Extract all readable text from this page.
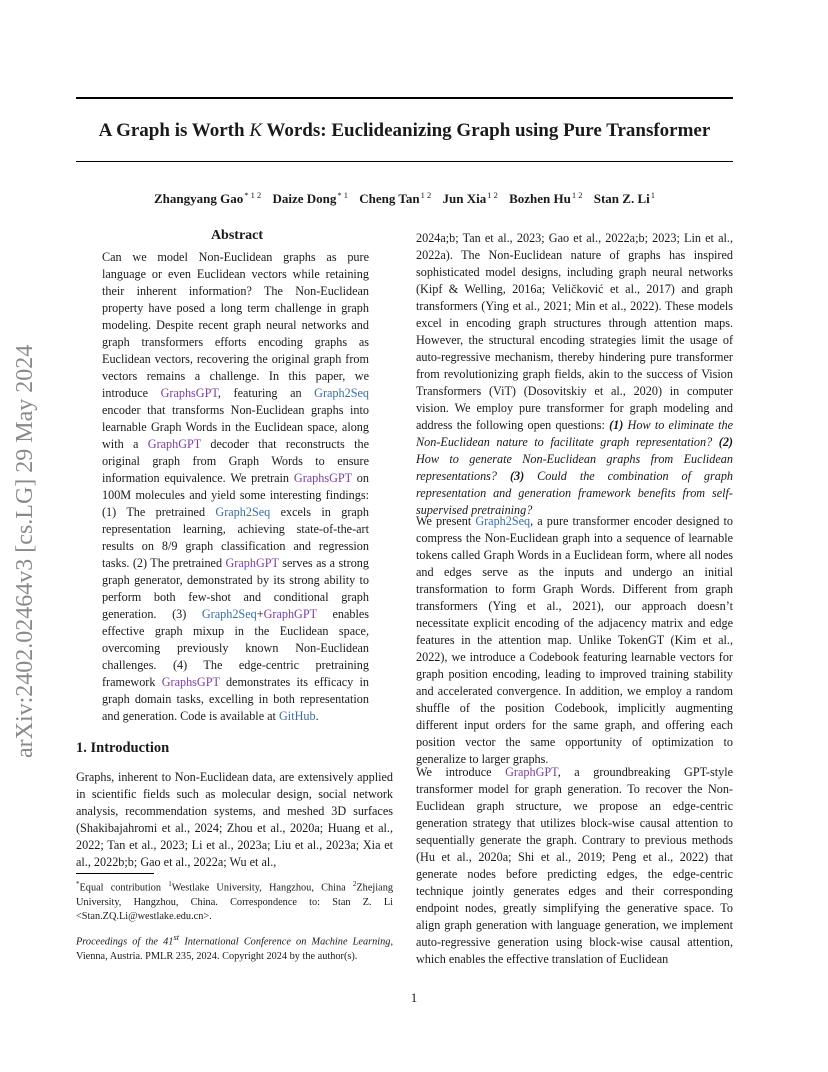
A Graph is Worth K Words: Euclideanizing Graph using Pure Transformer
Zhangyang Gao$^{* 1 2}$ Daize Dong$^{* 1}$ Cheng Tan$^{1 2}$ Jun Xia$^{1 2}$ Bozhen $Hu^{1 2}$ Stan Z. Li$^1$
arXiv:2402.02464v3 [cs.LG] 29 May 2024
Abstract
Can we model Non-Euclidean graphs as pure language or even Euclidean vectors while retaining their inherent information? The Non-Euclidean property have posed a long term challenge in graph modeling. Despite recent graph neural networks and graph transformers efforts encoding graphs as Euclidean vectors, recovering the original graph from vectors remains a challenge. In this paper, we introduce GraphsGPT, featuring an Graph2Seq encoder that transforms Non-Euclidean graphs into learnable Graph Words in the Euclidean space, along with a GraphGPT decoder that reconstructs the original graph from Graph Words to ensure information equivalence. We pretrain GraphsGPT on 100M molecules and yield some interesting findings: (1) The pretrained Graph2Seq excels in graph representation learning, achieving state-of-the-art results on 8/9 graph classification and regression tasks. (2) The pretrained GraphGPT serves as a strong graph generator, demonstrated by its strong ability to perform both few-shot and conditional graph generation. (3) Graph2Seq+GraphGPT enables effective graph mixup in the Euclidean space, overcoming previously known Non-Euclidean challenges. (4) The edge-centric pretraining framework GraphsGPT demonstrates its efficacy in graph domain tasks, excelling in both representation and generation. Code is available at GitHub.
1. Introduction
Graphs, inherent to Non-Euclidean data, are extensively applied in scientific fields such as molecular design, social network analysis, recommendation systems, and meshed 3D surfaces (Shakibajahromi et al., 2024; Zhou et al., 2020a; Huang et al., 2022; Tan et al., 2023; Li et al., 2023a; Liu et al., 2023a; Xia et al., 2022b;b; Gao et al., 2022a; Wu et al.,
*Equal contribution $^1$Westlake University, Hangzhou, China $^2$Zhejiang University, Hangzhou, China. Correspondence to: Stan Z. Li <Stan.ZQ.Li@westlake.edu.cn>.
Proceedings of the 41st International Conference on Machine Learning, Vienna, Austria. PMLR 235, 2024. Copyright 2024 by the author(s).
2024a;b; Tan et al., 2023; Gao et al., 2022a;b; 2023; Lin et al., 2022a). The Non-Euclidean nature of graphs has inspired sophisticated model designs, including graph neural networks (Kipf & Welling, 2016a; Veličković et al., 2017) and graph transformers (Ying et al., 2021; Min et al., 2022). These models excel in encoding graph structures through attention maps. However, the structural encoding strategies limit the usage of auto-regressive mechanism, thereby hindering pure transformer from revolutionizing graph fields, akin to the success of Vision Transformers (ViT) (Dosovitskiy et al., 2020) in computer vision. We employ pure transformer for graph modeling and address the following open questions: (1) How to eliminate the Non-Euclidean nature to facilitate graph representation? (2) How to generate Non-Euclidean graphs from Euclidean representations? (3) Could the combination of graph representation and generation framework benefits from self-supervised pretraining?
We present Graph2Seq, a pure transformer encoder designed to compress the Non-Euclidean graph into a sequence of learnable tokens called Graph Words in a Euclidean form, where all nodes and edges serve as the inputs and undergo an initial transformation to form Graph Words. Different from graph transformers (Ying et al., 2021), our approach doesn’t necessitate explicit encoding of the adjacency matrix and edge features in the attention map. Unlike TokenGT (Kim et al., 2022), we introduce a Codebook featuring learnable vectors for graph position encoding, leading to improved training stability and accelerated convergence. In addition, we employ a random shuffle of the position Codebook, implicitly augmenting different input orders for the same graph, and offering each position vector the same opportunity of optimization to generalize to larger graphs.
We introduce GraphGPT, a groundbreaking GPT-style transformer model for graph generation. To recover the Non-Euclidean graph structure, we propose an edge-centric generation strategy that utilizes block-wise causal attention to sequentially generate the graph. Contrary to previous methods (Hu et al., 2020a; Shi et al., 2019; Peng et al., 2022) that generate nodes before predicting edges, the edge-centric technique jointly generates edges and their corresponding endpoint nodes, greatly simplifying the generative space. To align graph generation with language generation, we implement auto-regressive generation using block-wise causal attention, which enables the effective translation of Euclidean
1
